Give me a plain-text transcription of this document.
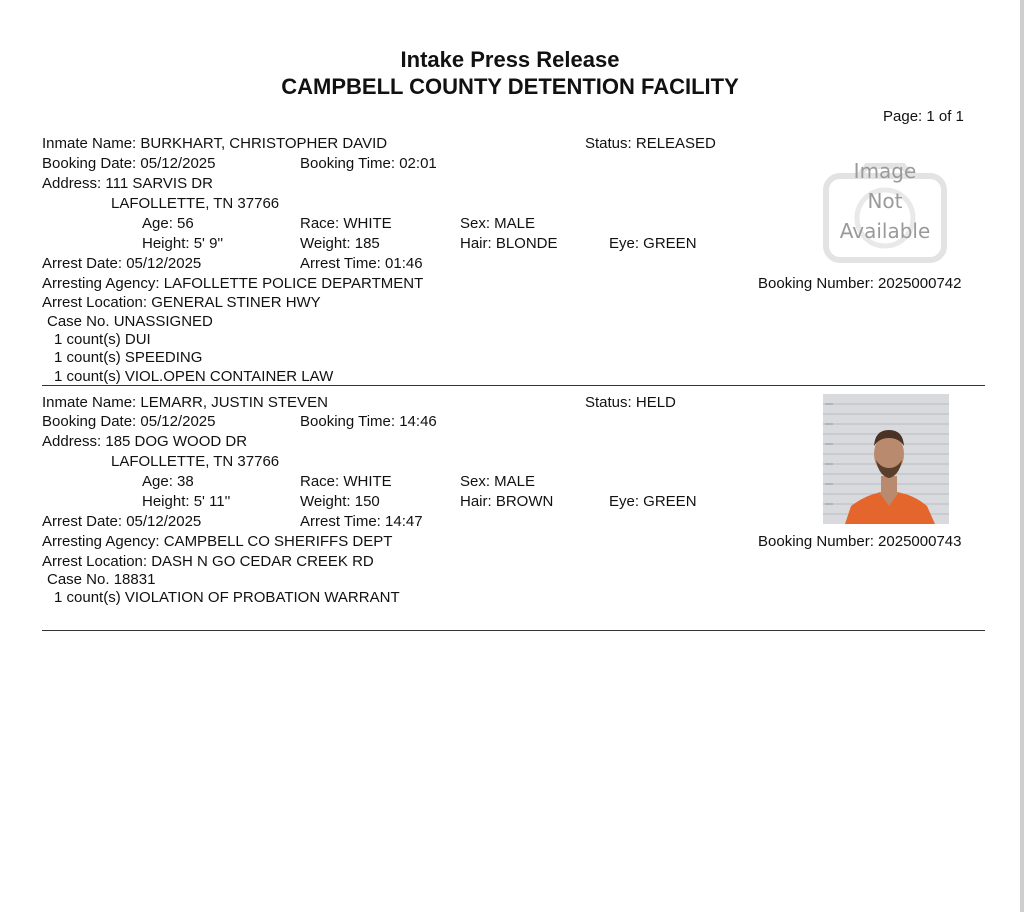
Intake Press Release
CAMPBELL COUNTY DETENTION FACILITY
Page: 1 of 1
Inmate Name: BURKHART, CHRISTOPHER DAVID	Status: RELEASED
Booking Date: 05/12/2025	Booking Time: 02:01
Address: 111 SARVIS DR
LAFOLLETTE, TN 37766
Age: 56	Race: WHITE	Sex: MALE
Height: 5' 9''	Weight: 185	Hair: BLONDE	Eye: GREEN
Arrest Date: 05/12/2025	Arrest Time: 01:46
Arresting Agency: LAFOLLETTE POLICE DEPARTMENT	Booking Number: 2025000742
Arrest Location: GENERAL STINER HWY
Case No. UNASSIGNED
1 count(s) DUI
1 count(s) SPEEDING
1 count(s) VIOL.OPEN CONTAINER LAW
Image
Not
Available
Inmate Name: LEMARR, JUSTIN STEVEN	Status: HELD
Booking Date: 05/12/2025	Booking Time: 14:46
Address: 185 DOG WOOD DR
LAFOLLETTE, TN 37766
Age: 38	Race: WHITE	Sex: MALE
Height: 5' 11''	Weight: 150	Hair: BROWN	Eye: GREEN
Arrest Date: 05/12/2025	Arrest Time: 14:47
Arresting Agency: CAMPBELL CO SHERIFFS DEPT	Booking Number: 2025000743
Arrest Location: DASH N GO CEDAR CREEK RD
Case No. 18831
1 count(s) VIOLATION OF PROBATION WARRANT
